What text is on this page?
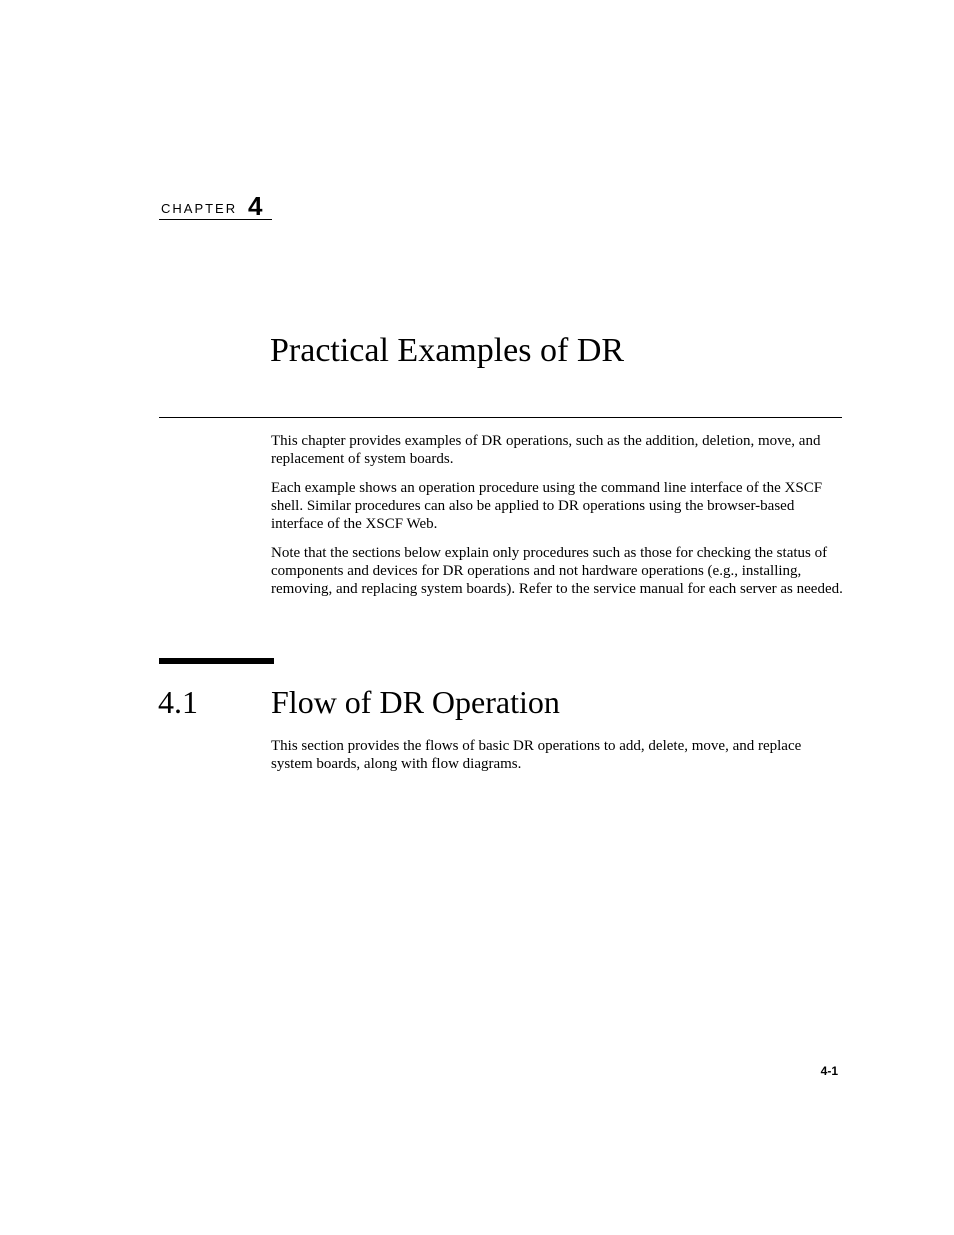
CHAPTER 4
Practical Examples of DR

This chapter provides examples of DR operations, such as the addition, deletion, move, and replacement of system boards.

Each example shows an operation procedure using the command line interface of the XSCF shell. Similar procedures can also be applied to DR operations using the browser-based interface of the XSCF Web.

Note that the sections below explain only procedures such as those for checking the status of components and devices for DR operations and not hardware operations (e.g., installing, removing, and replacing system boards). Refer to the service manual for each server as needed.

4.1 Flow of DR Operation

This section provides the flows of basic DR operations to add, delete, move, and replace system boards, along with flow diagrams.

4-1
